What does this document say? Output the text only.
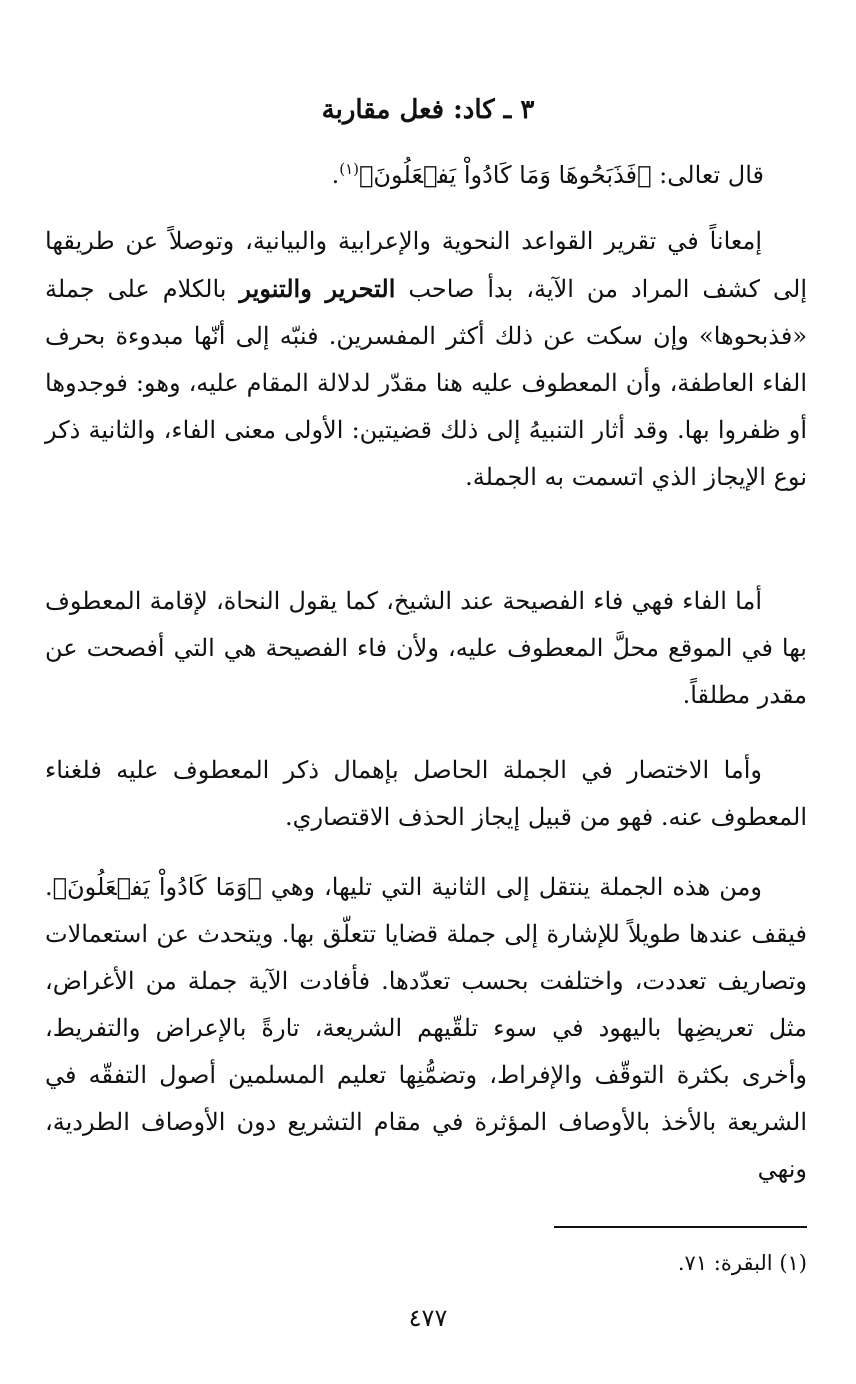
٣ ـ كاد: فعل مقاربة
قال تعالى: ﴿فَذَبَحُوهَا وَمَا كَادُواْ يَفۡعَلُونَ﴾$^{(١)}$.
إمعاناً في تقرير القواعد النحوية والإعرابية والبيانية، وتوصلاً عن طريقها إلى كشف المراد من الآية، بدأ صاحب التحرير والتنوير بالكلام على جملة «فذبحوها» وإن سكت عن ذلك أكثر المفسرين. فنبّه إلى أنّها مبدوءة بحرف الفاء العاطفة، وأن المعطوف عليه هنا مقدّر لدلالة المقام عليه، وهو: فوجدوها أو ظفروا بها. وقد أثار التنبيهُ إلى ذلك قضيتين: الأولى معنى الفاء، والثانية ذكر نوع الإيجاز الذي اتسمت به الجملة.
أما الفاء فهي فاء الفصيحة عند الشيخ، كما يقول النحاة، لإقامة المعطوف بها في الموقع محلَّ المعطوف عليه، ولأن فاء الفصيحة هي التي أفصحت عن مقدر مطلقاً.
وأما الاختصار في الجملة الحاصل بإهمال ذكر المعطوف عليه فلغناء المعطوف عنه. فهو من قبيل إيجاز الحذف الاقتصاري.
ومن هذه الجملة ينتقل إلى الثانية التي تليها، وهي ﴿وَمَا كَادُواْ يَفۡعَلُونَ﴾. فيقف عندها طويلاً للإشارة إلى جملة قضايا تتعلّق بها. ويتحدث عن استعمالات وتصاريف تعددت، واختلفت بحسب تعدّدها. فأفادت الآية جملة من الأغراض، مثل تعريضِها باليهود في سوء تلقّيهم الشريعة، تارةً بالإعراض والتفريط، وأخرى بكثرة التوقّف والإفراط، وتضمُّنِها تعليم المسلمين أصول التفقّه في الشريعة بالأخذ بالأوصاف المؤثرة في مقام التشريع دون الأوصاف الطردية، ونهي
(١) البقرة: ٧١.
٤٧٧
